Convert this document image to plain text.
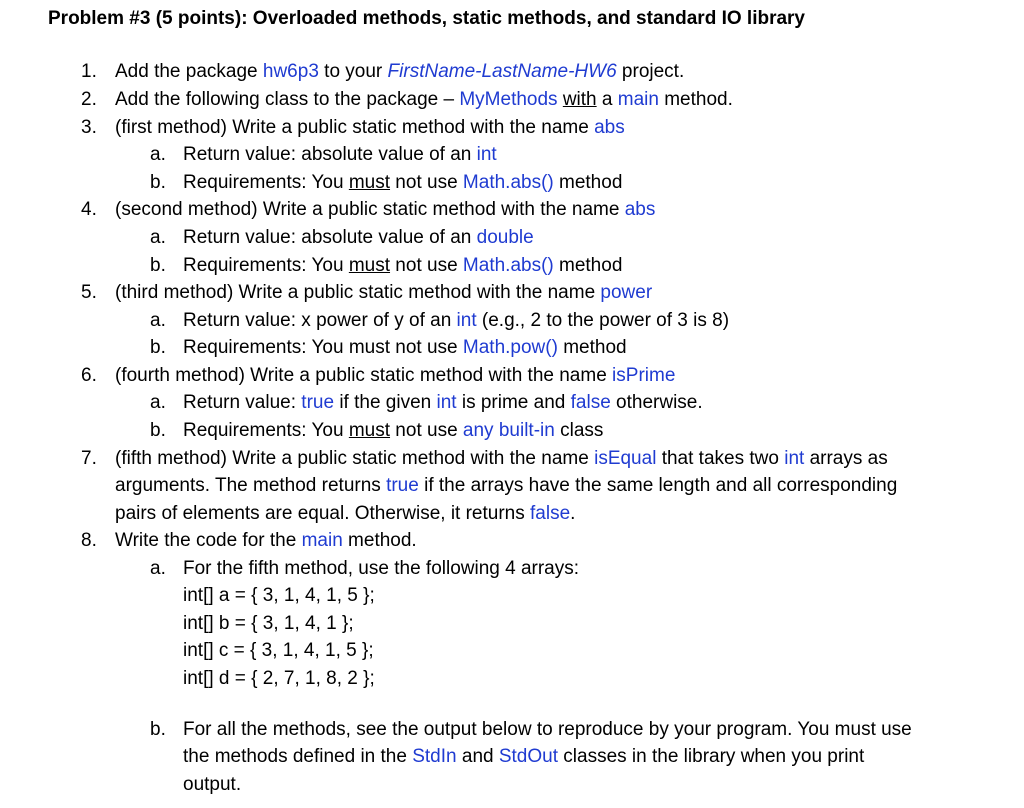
Problem #3 (5 points): Overloaded methods, static methods, and standard IO library
1. Add the package hw6p3 to your FirstName-LastName-HW6 project.
2. Add the following class to the package – MyMethods with a main method.
3. (first method) Write a public static method with the name abs
a. Return value: absolute value of an int
b. Requirements: You must not use Math.abs() method
4. (second method) Write a public static method with the name abs
a. Return value: absolute value of an double
b. Requirements: You must not use Math.abs() method
5. (third method) Write a public static method with the name power
a. Return value: x power of y of an int (e.g., 2 to the power of 3 is 8)
b. Requirements: You must not use Math.pow() method
6. (fourth method) Write a public static method with the name isPrime
a. Return value: true if the given int is prime and false otherwise.
b. Requirements: You must not use any built-in class
7. (fifth method) Write a public static method with the name isEqual that takes two int arrays as
arguments. The method returns true if the arrays have the same length and all corresponding
pairs of elements are equal. Otherwise, it returns false.
8. Write the code for the main method.
a. For the fifth method, use the following 4 arrays:
int[] a = { 3, 1, 4, 1, 5 };
int[] b = { 3, 1, 4, 1 };
int[] c = { 3, 1, 4, 1, 5 };
int[] d = { 2, 7, 1, 8, 2 };
b. For all the methods, see the output below to reproduce by your program. You must use
the methods defined in the StdIn and StdOut classes in the library when you print
output.
